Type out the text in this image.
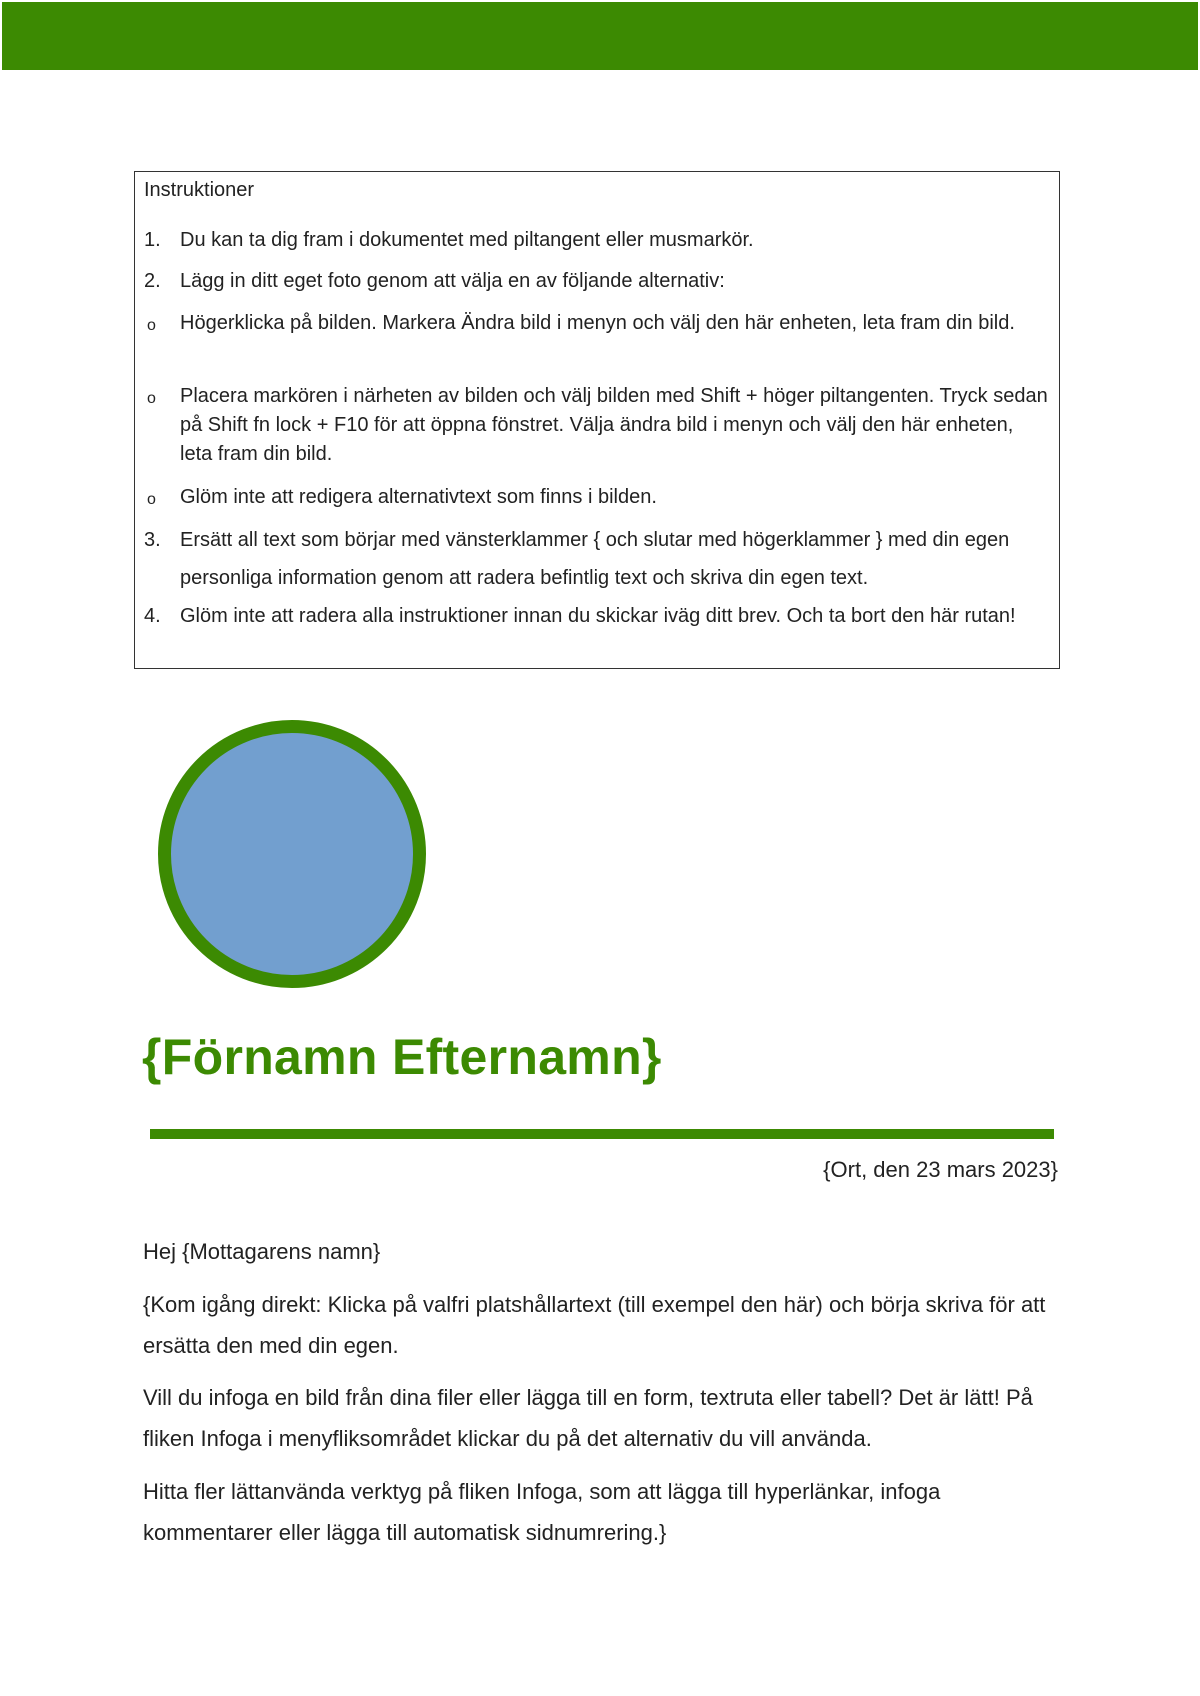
Instruktioner
1. Du kan ta dig fram i dokumentet med piltangent eller musmarkör.
2. Lägg in ditt eget foto genom att välja en av följande alternativ:
o Högerklicka på bilden. Markera Ändra bild i menyn och välj den här enheten, leta fram din bild.
o Placera markören i närheten av bilden och välj bilden med Shift + höger piltangenten. Tryck sedan på Shift fn lock + F10 för att öppna fönstret. Välja ändra bild i menyn och välj den här enheten, leta fram din bild.
o Glöm inte att redigera alternativtext som finns i bilden.
3. Ersätt all text som börjar med vänsterklammer { och slutar med högerklammer } med din egen personliga information genom att radera befintlig text och skriva din egen text.
4. Glöm inte att radera alla instruktioner innan du skickar iväg ditt brev. Och ta bort den här rutan!
{Förnamn Efternamn}
{Ort, den 23 mars 2023}
Hej {Mottagarens namn}
{Kom igång direkt: Klicka på valfri platshållartext (till exempel den här) och börja skriva för att ersätta den med din egen.
Vill du infoga en bild från dina filer eller lägga till en form, textruta eller tabell? Det är lätt! På fliken Infoga i menyfliksområdet klickar du på det alternativ du vill använda.
Hitta fler lättanvända verktyg på fliken Infoga, som att lägga till hyperlänkar, infoga kommentarer eller lägga till automatisk sidnumrering.}
